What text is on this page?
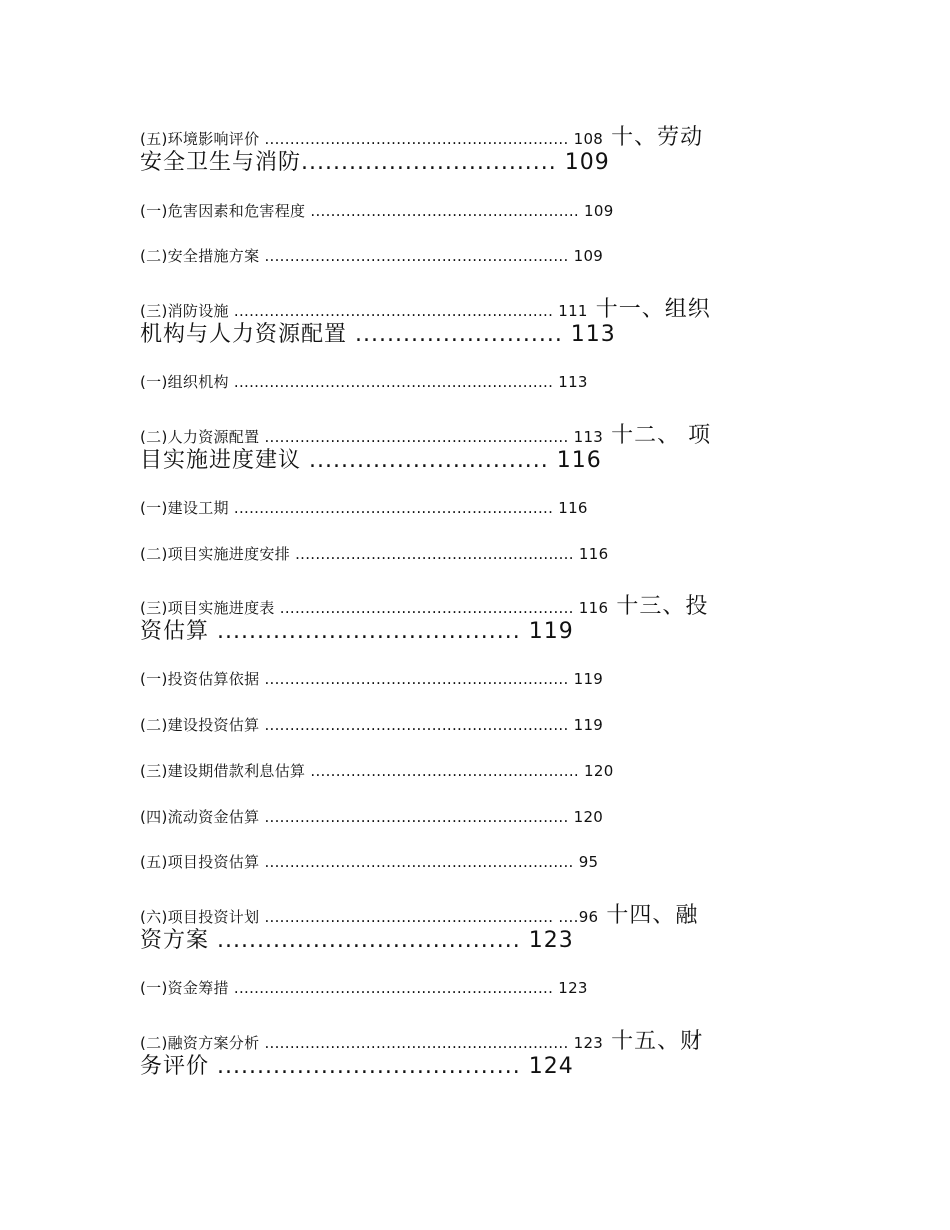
(五)环境影响评价 ............................................................ 108 十、劳动
安全卫生与消防................................ 109
(一)危害因素和危害程度 ..................................................... 109
(二)安全措施方案 ............................................................ 109
(三)消防设施 ............................................................... 111 十一、组织
机构与人力资源配置 .......................... 113
(一)组织机构 ............................................................... 113
(二)人力资源配置 ............................................................ 113 十二、 项
目实施进度建议 .............................. 116
(一)建设工期 ............................................................... 116
(二)项目实施进度安排 ....................................................... 116
(三)项目实施进度表 .......................................................... 116 十三、投
资估算 ...................................... 119
(一)投资估算依据 ............................................................ 119
(二)建设投资估算 ............................................................ 119
(三)建设期借款利息估算 ..................................................... 120
(四)流动资金估算 ............................................................ 120
(五)项目投资估算 ............................................................. 95
(六)项目投资计划 ......................................................... ....96 十四、融
资方案 ...................................... 123
(一)资金筹措 ............................................................... 123
(二)融资方案分析 ............................................................ 123 十五、财
务评价 ...................................... 124
